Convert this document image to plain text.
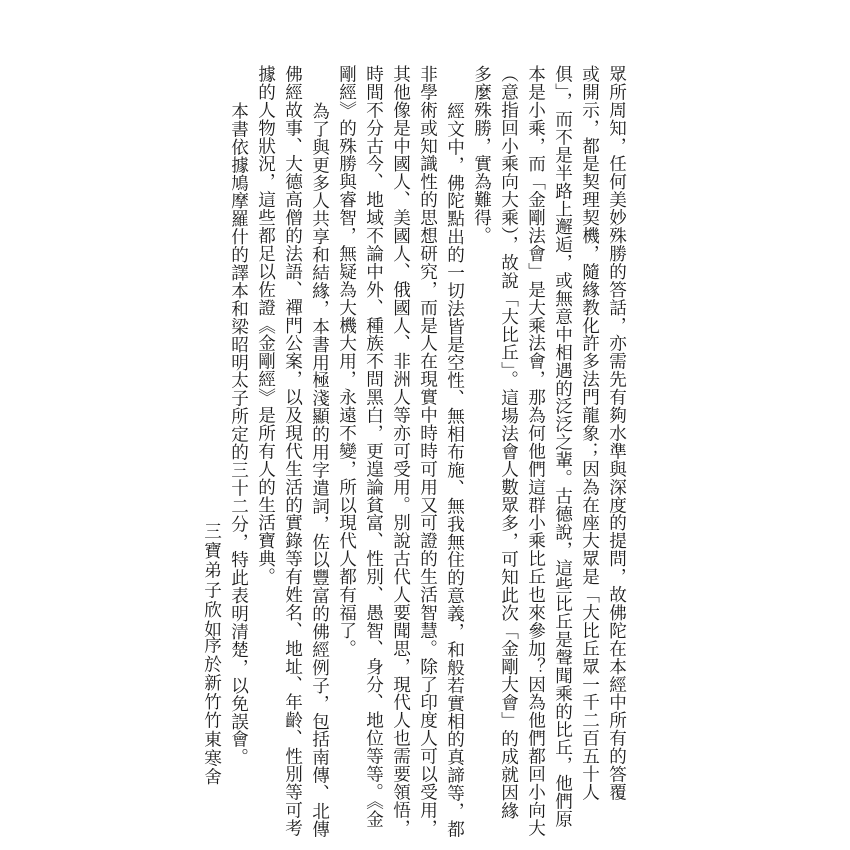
眾所周知，任何美妙殊勝的答話，亦需先有夠水準與深度的提問，故佛陀在本經中所有的答覆

或開示，都是契理契機，隨緣教化許多法門龍象；因為在座大眾是「大比丘眾一千二百五十人

俱」，而不是半路上邂逅，或無意中相遇的泛泛之輩。古德說，這些比丘是聲聞乘的比丘，他們原

本是小乘，而「金剛法會」是大乘法會，那為何他們這群小乘比丘也來參加？因為他們都回小向大

（意指回小乘向大乘），故說「大比丘」。這場法會人數眾多，可知此次「金剛大會」的成就因緣

多麼殊勝，實為難得。

經文中，佛陀點出的一切法皆是空性、無相布施、無我無住的意義，和般若實相的真諦等，都

非學術或知識性的思想研究，而是人在現實中時時可用又可證的生活智慧。除了印度人可以受用，

其他像是中國人、美國人、俄國人、非洲人等亦可受用。別說古代人要聞思，現代人也需要領悟，

時間不分古今、地域不論中外、種族不問黑白，更遑論貧富、性別、愚智、身分、地位等等。《金

剛經》的殊勝與睿智，無疑為大機大用，永遠不變，所以現代人都有福了。

為了與更多人共享和結緣，本書用極淺顯的用字遣詞，佐以豐富的佛經例子，包括南傳、北傳

佛經故事、大德高僧的法語、禪門公案，以及現代生活的實錄等有姓名、地址、年齡、性別等可考

據的人物狀況，這些都足以佐證《金剛經》是所有人的生活寶典。

本書依據鳩摩羅什的譯本和梁昭明太子所定的三十二分，特此表明清楚，以免誤會。

三寶弟子欣如

序於新竹竹東寒舍
